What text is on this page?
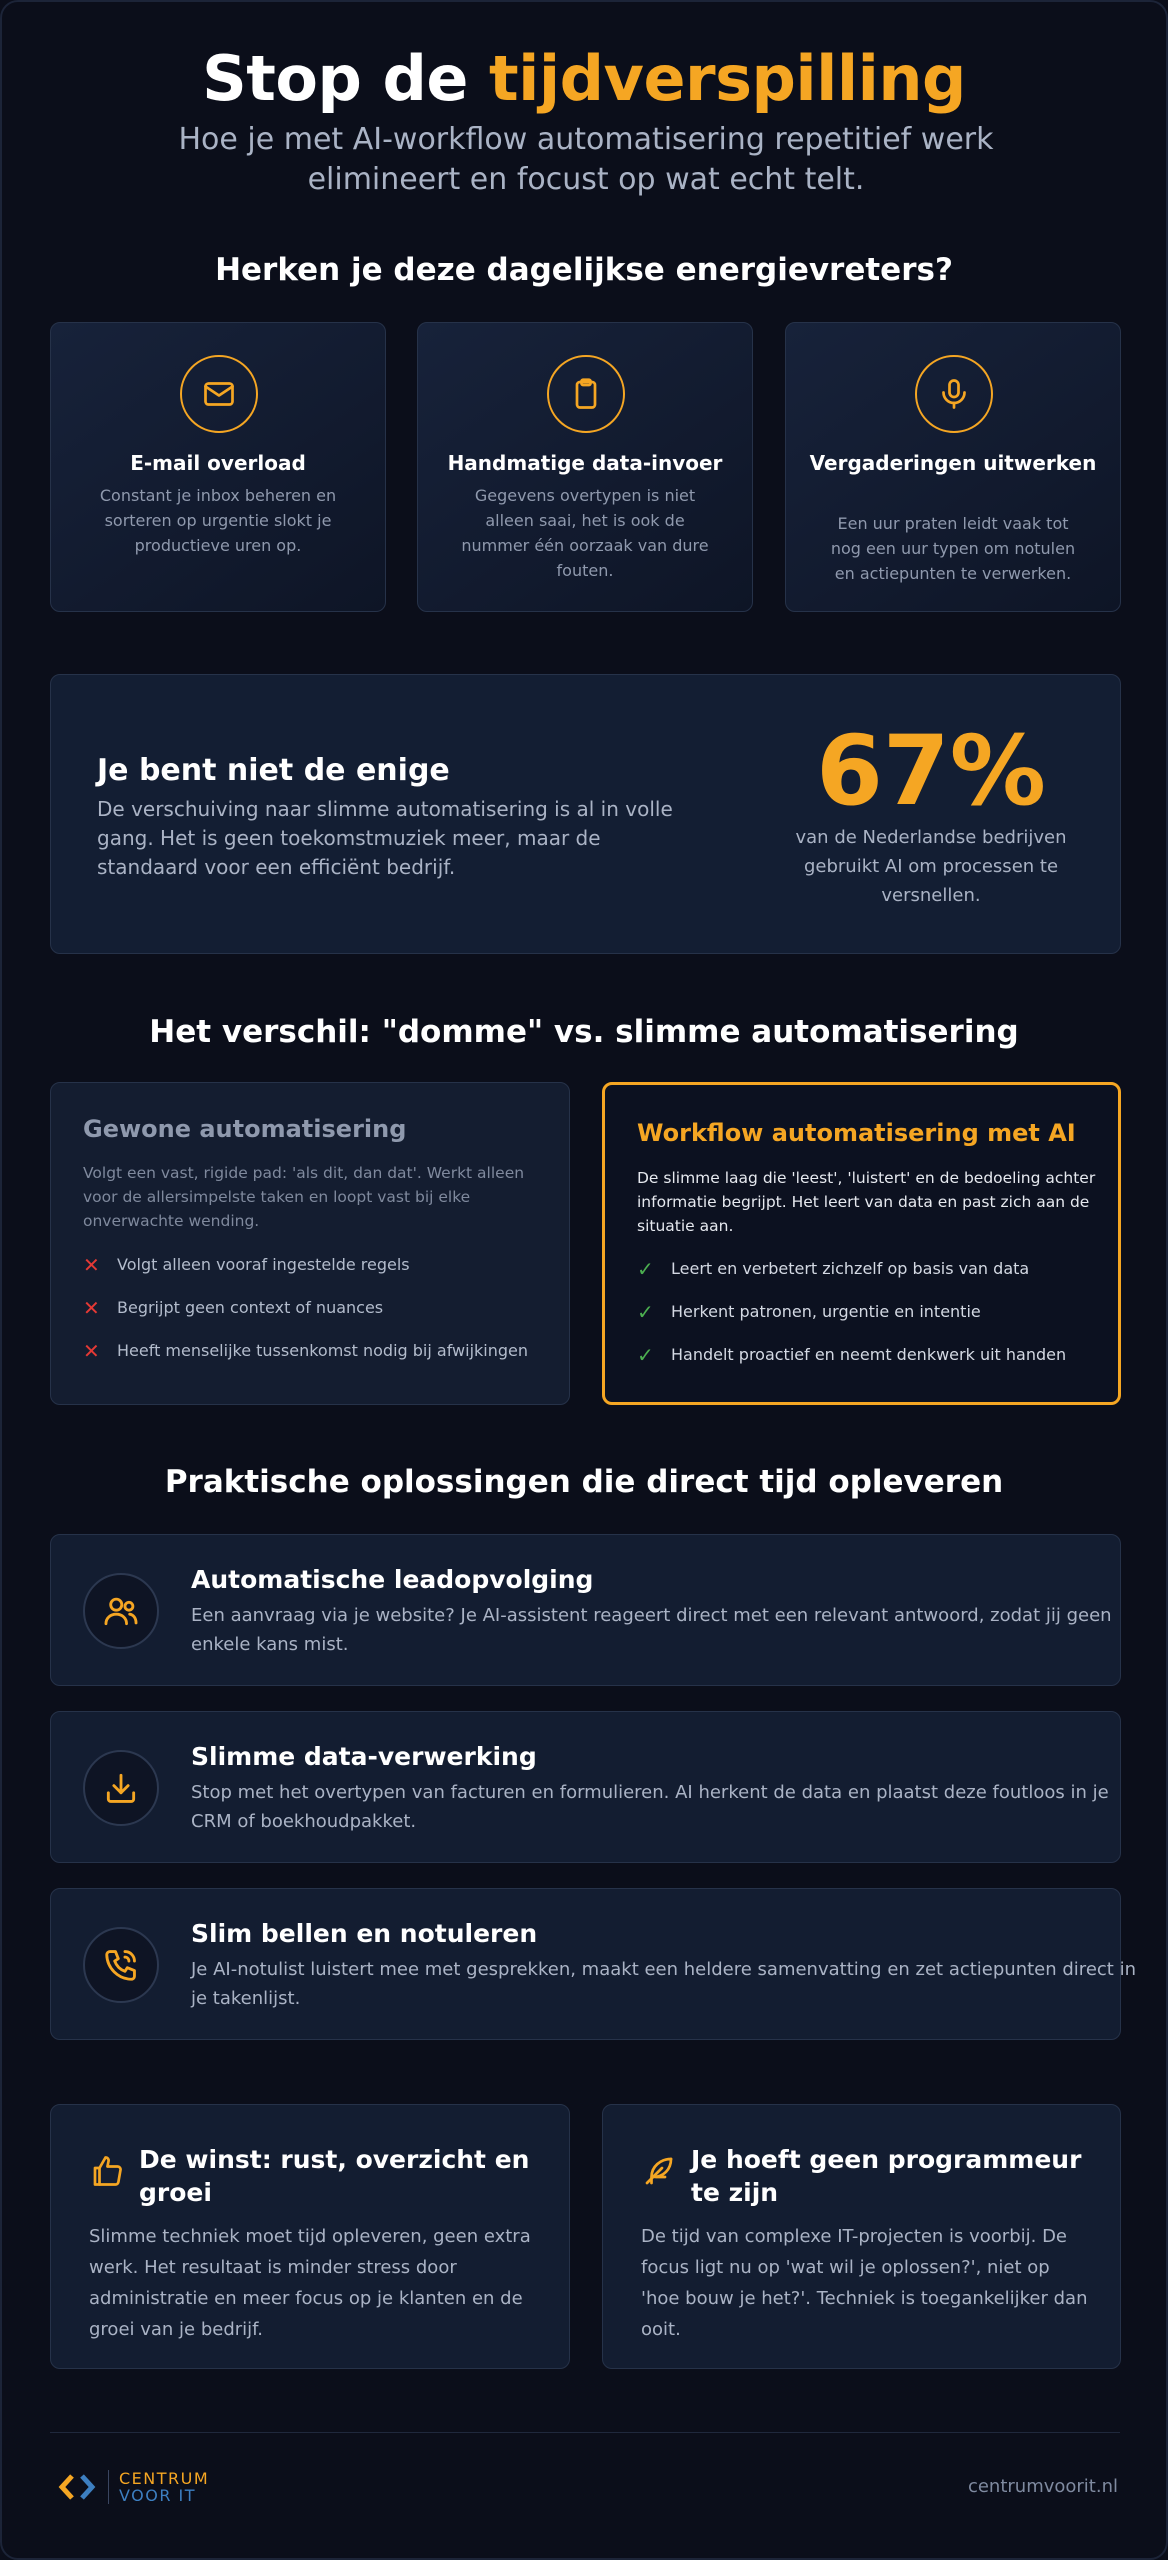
Stop de tijdverspilling

Hoe je met AI-workflow automatisering repetitief werk elimineert en focust op wat echt telt.

Herken je deze dagelijkse energievreters?
E-mail overload
Constant je inbox beheren en sorteren op urgentie slokt je productieve uren op.
Handmatige data-invoer
Gegevens overtypen is niet alleen saai, het is ook de nummer één oorzaak van dure fouten.
Vergaderingen uitwerken
Een uur praten leidt vaak tot nog een uur typen om notulen en actiepunten te verwerken.
Je bent niet de enige
De verschuiving naar slimme automatisering is al in volle gang. Het is geen toekomstmuziek meer, maar de standaard voor een efficiënt bedrijf.
67%
van de Nederlandse bedrijven gebruikt AI om processen te versnellen.
Het verschil: "domme" vs. slimme automatisering
Gewone automatisering
Volgt een vast, rigide pad: 'als dit, dan dat'. Werkt alleen voor de allersimpelste taken en loopt vast bij elke onverwachte wending.
✕	Volgt alleen vooraf ingestelde regels
✕	Begrijpt geen context of nuances
✕	Heeft menselijke tussenkomst nodig bij afwijkingen
Workflow automatisering met AI
De slimme laag die 'leest', 'luistert' en de bedoeling achter informatie begrijpt. Het leert van data en past zich aan de situatie aan.
✓	Leert en verbetert zichzelf op basis van data
✓	Herkent patronen, urgentie en intentie
✓	Handelt proactief en neemt denkwerk uit handen
Praktische oplossingen die direct tijd opleveren
Automatische leadopvolging
Een aanvraag via je website? Je AI-assistent reageert direct met een relevant antwoord, zodat jij geen enkele kans mist.
Slimme data-verwerking
Stop met het overtypen van facturen en formulieren. AI herkent de data en plaatst deze foutloos in je CRM of boekhoudpakket.
Slim bellen en notuleren
Je AI-notulist luistert mee met gesprekken, maakt een heldere samenvatting en zet actiepunten direct in je takenlijst.
De winst: rust, overzicht en groei
Slimme techniek moet tijd opleveren, geen extra werk. Het resultaat is minder stress door administratie en meer focus op je klanten en de groei van je bedrijf.
Je hoeft geen programmeur te zijn
De tijd van complexe IT-projecten is voorbij. De focus ligt nu op 'wat wil je oplossen?', niet op 'hoe bouw je het?'. Techniek is toegankelijker dan ooit.
CENTRUM
VOOR IT	centrumvoorit.nl
